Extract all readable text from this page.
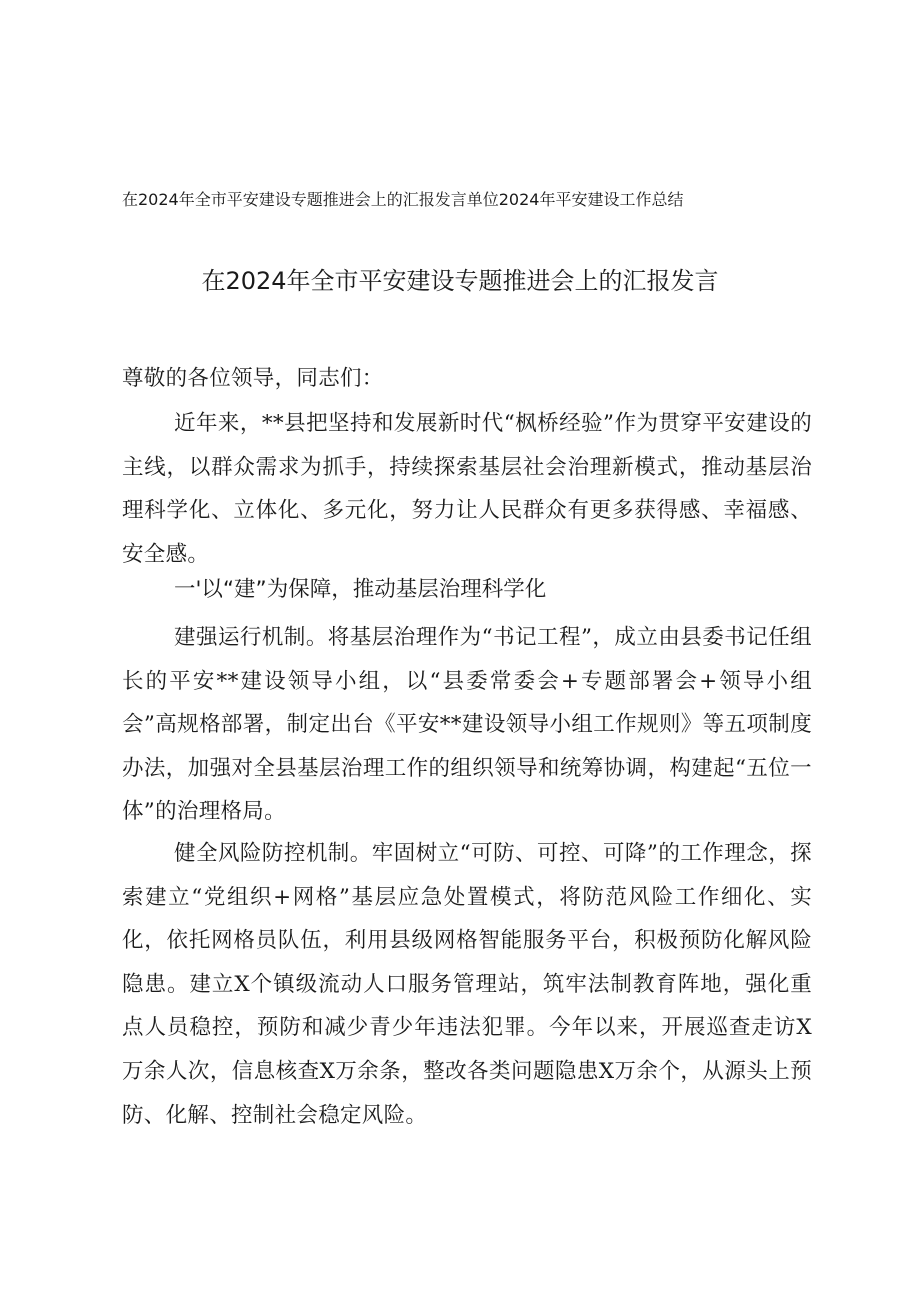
在2024年全市平安建设专题推进会上的汇报发言单位2024年平安建设工作总结
在2024年全市平安建设专题推进会上的汇报发言
尊敬的各位领导，同志们：
近年来，**县把坚持和发展新时代“枫桥经验”作为贯穿平安建设的主线，以群众需求为抓手，持续探索基层社会治理新模式，推动基层治理科学化、立体化、多元化，努力让人民群众有更多获得感、幸福感、安全感。
一'以“建”为保障，推动基层治理科学化
建强运行机制。将基层治理作为“书记工程”，成立由县委书记任组长的平安**建设领导小组，以“县委常委会+专题部署会+领导小组会”高规格部署，制定出台《平安**建设领导小组工作规则》等五项制度办法，加强对全县基层治理工作的组织领导和统筹协调，构建起“五位一体”的治理格局。
健全风险防控机制。牢固树立“可防、可控、可降”的工作理念，探索建立“党组织+网格”基层应急处置模式，将防范风险工作细化、实化，依托网格员队伍，利用县级网格智能服务平台，积极预防化解风险隐患。建立X个镇级流动人口服务管理站，筑牢法制教育阵地，强化重点人员稳控，预防和减少青少年违法犯罪。今年以来，开展巡查走访X万余人次，信息核查X万余条，整改各类问题隐患X万余个，从源头上预防、化解、控制社会稳定风险。
